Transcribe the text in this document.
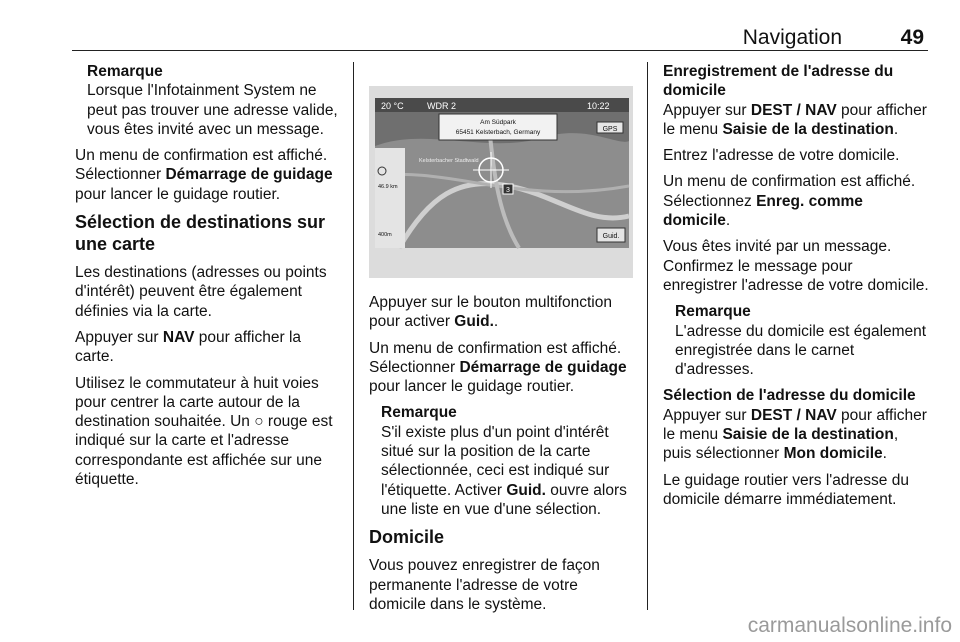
Navigation	49
Remarque
Lorsque l'Infotainment System ne peut pas trouver une adresse valide, vous êtes invité avec un message.

Un menu de confirmation est affiché. Sélectionner Démarrage de guidage pour lancer le guidage routier.

Sélection de destinations sur une carte

Les destinations (adresses ou points d'intérêt) peuvent être également définies via la carte.

Appuyer sur NAV pour afficher la carte.

Utilisez le commutateur à huit voies pour centrer la carte autour de la destination souhaitée. Un ○ rouge est indiqué sur la carte et l'adresse correspondante est affichée sur une étiquette.

20 °C	WDR 2	10:22
Am Südpark
65451 Kelsterbach, Germany	GPS
Kelsterbacher Stadtwald
46.9 km
400m
3
Guid.

Appuyer sur le bouton multifonction pour activer Guid..

Un menu de confirmation est affiché. Sélectionner Démarrage de guidage pour lancer le guidage routier.

Remarque
S'il existe plus d'un point d'intérêt situé sur la position de la carte sélectionnée, ceci est indiqué sur l'étiquette. Activer Guid. ouvre alors une liste en vue d'une sélection.
Domicile

Vous pouvez enregistrer de façon permanente l'adresse de votre domicile dans le système.

Enregistrement de l'adresse du domicile

Appuyer sur DEST / NAV pour afficher le menu Saisie de la destination.

Entrez l'adresse de votre domicile.

Un menu de confirmation est affiché. Sélectionnez Enreg. comme domicile.

Vous êtes invité par un message. Confirmez le message pour enregistrer l'adresse de votre domicile.

Remarque
L'adresse du domicile est également enregistrée dans le carnet d'adresses.
Sélection de l'adresse du domicile

Appuyer sur DEST / NAV pour afficher le menu Saisie de la destination, puis sélectionner Mon domicile.

Le guidage routier vers l'adresse du domicile démarre immédiatement.

carmanualsonline.info
